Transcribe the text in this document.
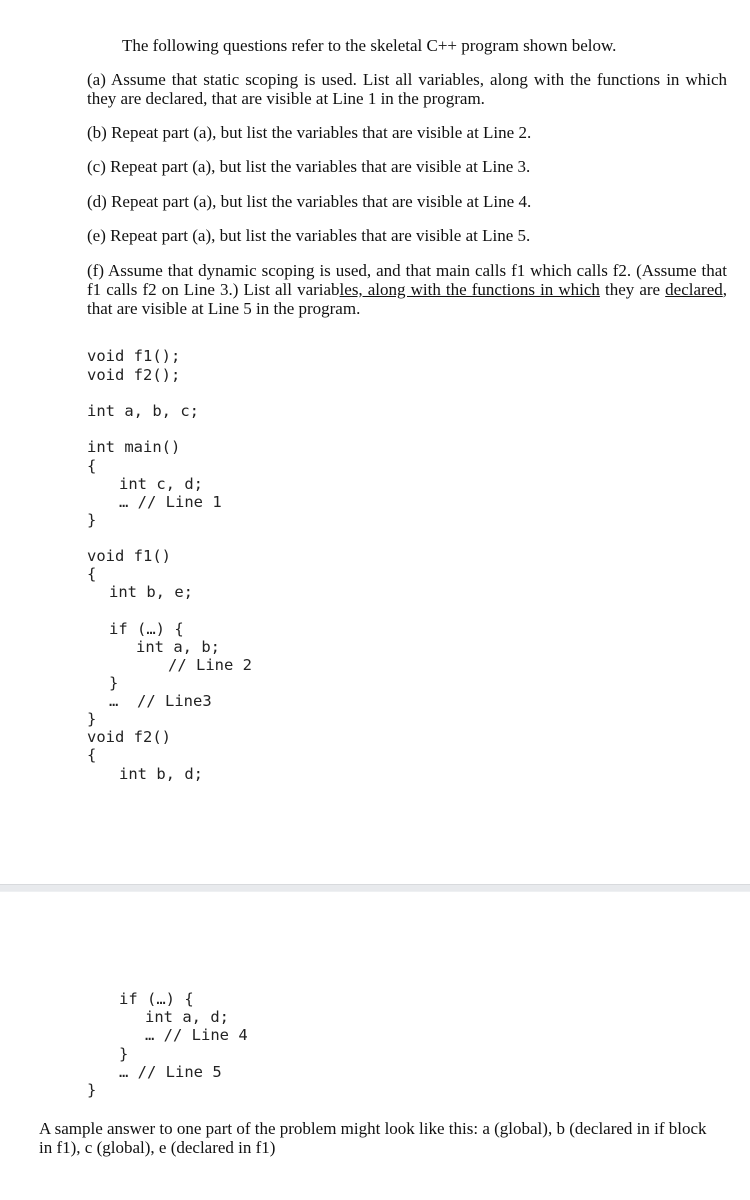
The following questions refer to the skeletal C++ program shown below.
(a) Assume that static scoping is used. List all variables, along with the functions in which they are declared, that are visible at Line 1 in the program.
(b) Repeat part (a), but list the variables that are visible at Line 2.
(c) Repeat part (a), but list the variables that are visible at Line 3.
(d) Repeat part (a), but list the variables that are visible at Line 4.
(e) Repeat part (a), but list the variables that are visible at Line 5.
(f) Assume that dynamic scoping is used, and that main calls f1 which calls f2. (Assume that f1 calls f2 on Line 3.) List all variables, along with the functions in which they are declared, that are visible at Line 5 in the program.
void f1();
void f2();
int a, b, c;
int main()
{
int c, d;
… // Line 1
}
void f1()
{
int b, e;
if (…) {
int a, b;
// Line 2
}
…  // Line3
}
void f2()
{
int b, d;
if (…) {
int a, d;
… // Line 4
}
… // Line 5
}
A sample answer to one part of the problem might look like this: a (global), b (declared in if block in f1), c (global), e (declared in f1)
